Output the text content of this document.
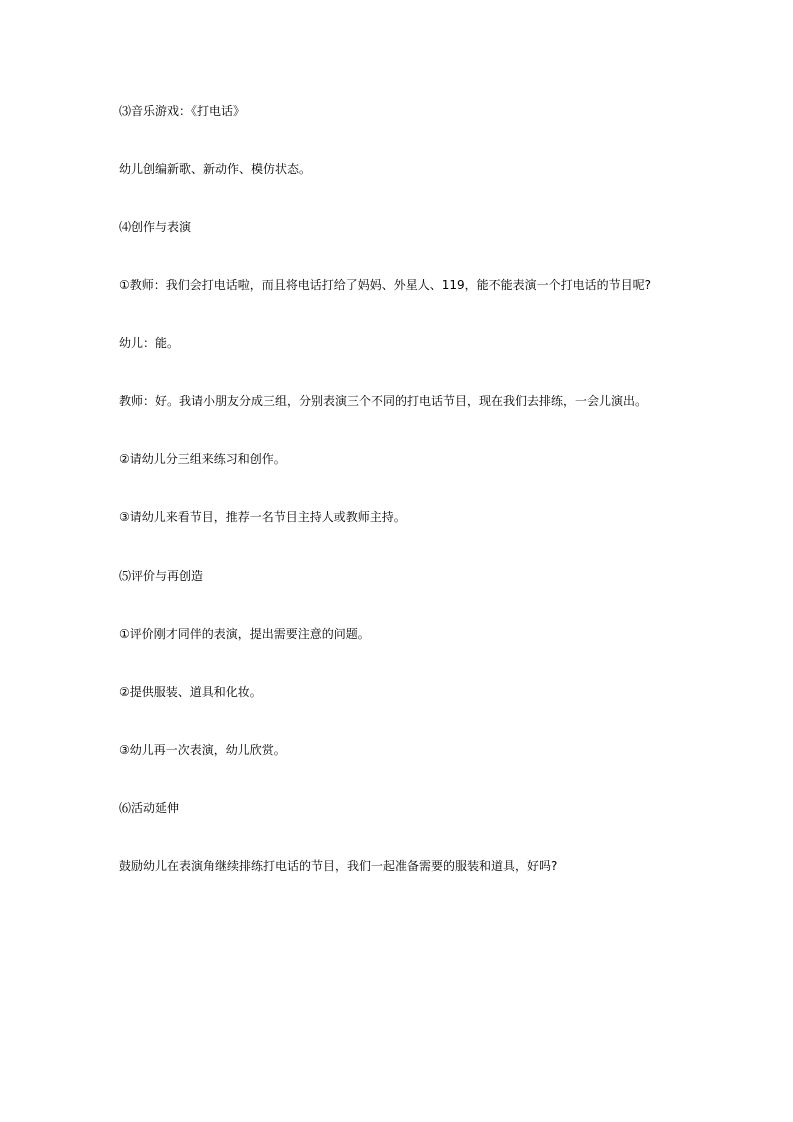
⑶音乐游戏：《打电话》

幼儿创编新歌、新动作、模仿状态。

⑷创作与表演

①教师：我们会打电话啦，而且将电话打给了妈妈、外星人、119，能不能表演一个打电话的节目呢?

幼儿：能。

教师：好。我请小朋友分成三组，分别表演三个不同的打电话节目，现在我们去排练，一会儿演出。

②请幼儿分三组来练习和创作。

③请幼儿来看节目，推荐一名节目主持人或教师主持。

⑸评价与再创造

①评价刚才同伴的表演，提出需要注意的问题。

②提供服装、道具和化妆。

③幼儿再一次表演，幼儿欣赏。

⑹活动延伸

鼓励幼儿在表演角继续排练打电话的节目，我们一起准备需要的服装和道具，好吗?
